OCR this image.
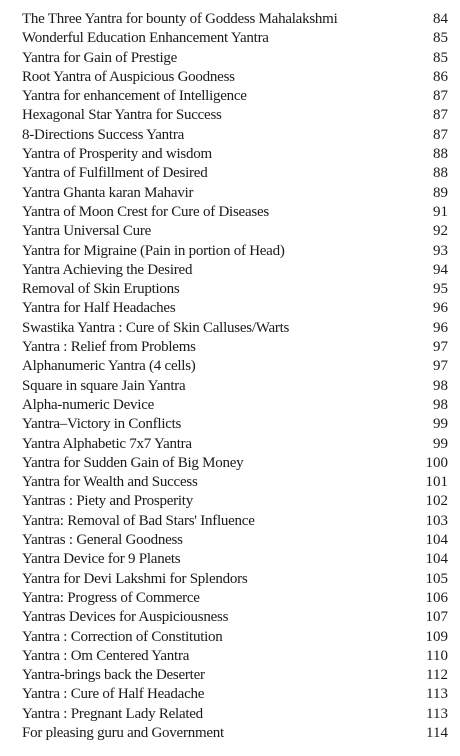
The Three Yantra for bounty of Goddess Mahalakshmi	84
Wonderful Education Enhancement Yantra	85
Yantra for Gain of Prestige	85
Root Yantra of Auspicious Goodness	86
Yantra for enhancement of Intelligence	87
Hexagonal Star Yantra for Success	87
8-Directions Success Yantra	87
Yantra of Prosperity and wisdom	88
Yantra of Fulfillment of Desired	88
Yantra Ghanta karan Mahavir	89
Yantra of Moon Crest for Cure of Diseases	91
Yantra Universal Cure	92
Yantra for Migraine (Pain in portion of Head)	93
Yantra Achieving the Desired	94
Removal of Skin Eruptions	95
Yantra for Half Headaches	96
Swastika Yantra : Cure of Skin Calluses/Warts	96
Yantra : Relief from Problems	97
Alphanumeric Yantra (4 cells)	97
Square in square Jain Yantra	98
Alpha-numeric Device	98
Yantra–Victory in Conflicts	99
Yantra Alphabetic 7x7 Yantra	99
Yantra for Sudden Gain of Big Money	100
Yantra for Wealth and Success	101
Yantras : Piety and Prosperity	102
Yantra: Removal of Bad Stars' Influence	103
Yantras : General Goodness	104
Yantra Device for 9 Planets	104
Yantra for Devi Lakshmi for Splendors	105
Yantra: Progress of Commerce	106
Yantras Devices for Auspiciousness	107
Yantra : Correction of Constitution	109
Yantra : Om Centered Yantra	110
Yantra-brings back the Deserter	112
Yantra : Cure of Half Headache	113
Yantra : Pregnant Lady Related	113
For pleasing guru and Government	114
